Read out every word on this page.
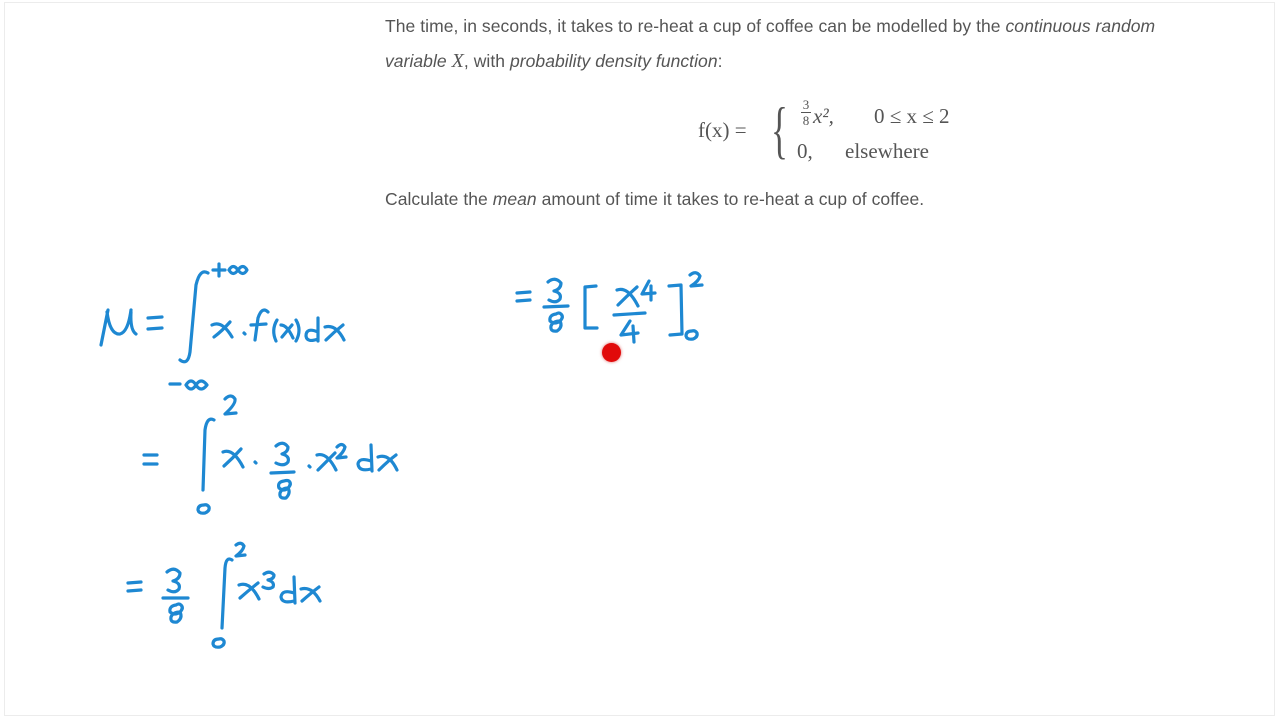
The time, in seconds, it takes to re-heat a cup of coffee can be modelled by the continuous random
variable X, with probability density function:
f(x) = { 3
8 x², 0 ≤ x ≤ 2
0, elsewhere
Calculate the mean amount of time it takes to re-heat a cup of coffee.
